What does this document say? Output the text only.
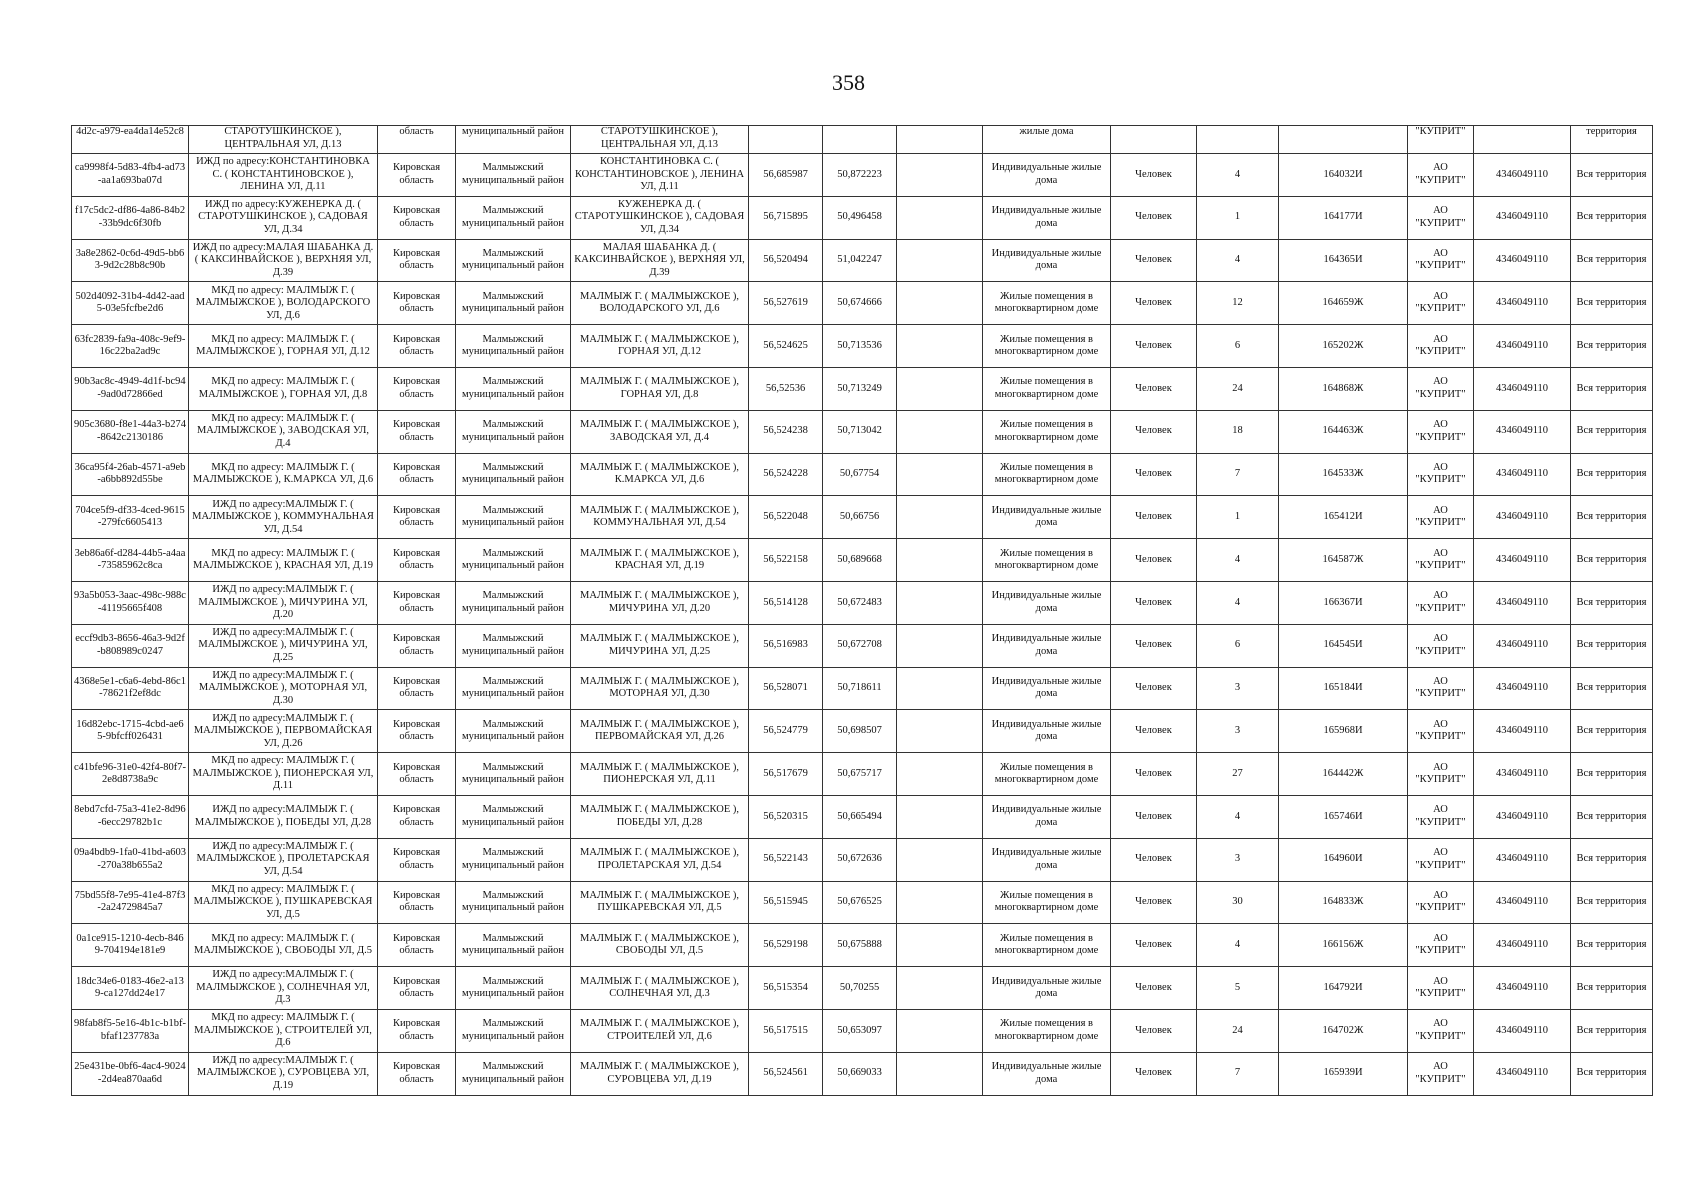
358
4d2c-a979-ea4da14e52c8	СТАРОТУШКИНСКОЕ ), ЦЕНТРАЛЬНАЯ УЛ, Д.13	область	муниципальный район	СТАРОТУШКИНСКОЕ ), ЦЕНТРАЛЬНАЯ УЛ, Д.13				жилые дома				"КУПРИТ"		территория
ca9998f4-5d83-4fb4-ad73-aa1a693ba07d	ИЖД по адресу:КОНСТАНТИНОВКА С. ( КОНСТАНТИНОВСКОЕ ), ЛЕНИНА УЛ, Д.11	Кировская область	Малмыжский муниципальный район	КОНСТАНТИНОВКА С. ( КОНСТАНТИНОВСКОЕ ), ЛЕНИНА УЛ, Д.11	56,685987	50,872223		Индивидуальные жилые дома	Человек	4	164032И	АО "КУПРИТ"	4346049110	Вся территория
f17c5dc2-df86-4a86-84b2-33b9dc6f30fb	ИЖД по адресу:КУЖЕНЕРКА Д. ( СТАРОТУШКИНСКОЕ ), САДОВАЯ УЛ, Д.34	Кировская область	Малмыжский муниципальный район	КУЖЕНЕРКА Д. ( СТАРОТУШКИНСКОЕ ), САДОВАЯ УЛ, Д.34	56,715895	50,496458		Индивидуальные жилые дома	Человек	1	164177И	АО "КУПРИТ"	4346049110	Вся территория
3a8e2862-0c6d-49d5-bb63-9d2c28b8c90b	ИЖД по адресу:МАЛАЯ ШАБАНКА Д. ( КАКСИНВАЙСКОЕ ), ВЕРХНЯЯ УЛ, Д.39	Кировская область	Малмыжский муниципальный район	МАЛАЯ ШАБАНКА Д. ( КАКСИНВАЙСКОЕ ), ВЕРХНЯЯ УЛ, Д.39	56,520494	51,042247		Индивидуальные жилые дома	Человек	4	164365И	АО "КУПРИТ"	4346049110	Вся территория
502d4092-31b4-4d42-aad5-03e5fcfbe2d6	МКД по адресу: МАЛМЫЖ Г. ( МАЛМЫЖСКОЕ ), ВОЛОДАРСКОГО УЛ, Д.6	Кировская область	Малмыжский муниципальный район	МАЛМЫЖ Г. ( МАЛМЫЖСКОЕ ), ВОЛОДАРСКОГО УЛ, Д.6	56,527619	50,674666		Жилые помещения в многоквартирном доме	Человек	12	164659Ж	АО "КУПРИТ"	4346049110	Вся территория
63fc2839-fa9a-408c-9ef9-16c22ba2ad9c	МКД по адресу: МАЛМЫЖ Г. ( МАЛМЫЖСКОЕ ), ГОРНАЯ УЛ, Д.12	Кировская область	Малмыжский муниципальный район	МАЛМЫЖ Г. ( МАЛМЫЖСКОЕ ), ГОРНАЯ УЛ, Д.12	56,524625	50,713536		Жилые помещения в многоквартирном доме	Человек	6	165202Ж	АО "КУПРИТ"	4346049110	Вся территория
90b3ac8c-4949-4d1f-bc94-9ad0d72866ed	МКД по адресу: МАЛМЫЖ Г. ( МАЛМЫЖСКОЕ ), ГОРНАЯ УЛ, Д.8	Кировская область	Малмыжский муниципальный район	МАЛМЫЖ Г. ( МАЛМЫЖСКОЕ ), ГОРНАЯ УЛ, Д.8	56,52536	50,713249		Жилые помещения в многоквартирном доме	Человек	24	164868Ж	АО "КУПРИТ"	4346049110	Вся территория
905c3680-f8e1-44a3-b274-8642c2130186	МКД по адресу: МАЛМЫЖ Г. ( МАЛМЫЖСКОЕ ), ЗАВОДСКАЯ УЛ, Д.4	Кировская область	Малмыжский муниципальный район	МАЛМЫЖ Г. ( МАЛМЫЖСКОЕ ), ЗАВОДСКАЯ УЛ, Д.4	56,524238	50,713042		Жилые помещения в многоквартирном доме	Человек	18	164463Ж	АО "КУПРИТ"	4346049110	Вся территория
36ca95f4-26ab-4571-a9eb-a6bb892d55be	МКД по адресу: МАЛМЫЖ Г. ( МАЛМЫЖСКОЕ ), К.МАРКСА УЛ, Д.6	Кировская область	Малмыжский муниципальный район	МАЛМЫЖ Г. ( МАЛМЫЖСКОЕ ), К.МАРКСА УЛ, Д.6	56,524228	50,67754		Жилые помещения в многоквартирном доме	Человек	7	164533Ж	АО "КУПРИТ"	4346049110	Вся территория
704ce5f9-df33-4ced-9615-279fc6605413	ИЖД по адресу:МАЛМЫЖ Г. ( МАЛМЫЖСКОЕ ), КОММУНАЛЬНАЯ УЛ, Д.54	Кировская область	Малмыжский муниципальный район	МАЛМЫЖ Г. ( МАЛМЫЖСКОЕ ), КОММУНАЛЬНАЯ УЛ, Д.54	56,522048	50,66756		Индивидуальные жилые дома	Человек	1	165412И	АО "КУПРИТ"	4346049110	Вся территория
3eb86a6f-d284-44b5-a4aa-73585962c8ca	МКД по адресу: МАЛМЫЖ Г. ( МАЛМЫЖСКОЕ ), КРАСНАЯ УЛ, Д.19	Кировская область	Малмыжский муниципальный район	МАЛМЫЖ Г. ( МАЛМЫЖСКОЕ ), КРАСНАЯ УЛ, Д.19	56,522158	50,689668		Жилые помещения в многоквартирном доме	Человек	4	164587Ж	АО "КУПРИТ"	4346049110	Вся территория
93a5b053-3aac-498c-988c-41195665f408	ИЖД по адресу:МАЛМЫЖ Г. ( МАЛМЫЖСКОЕ ), МИЧУРИНА УЛ, Д.20	Кировская область	Малмыжский муниципальный район	МАЛМЫЖ Г. ( МАЛМЫЖСКОЕ ), МИЧУРИНА УЛ, Д.20	56,514128	50,672483		Индивидуальные жилые дома	Человек	4	166367И	АО "КУПРИТ"	4346049110	Вся территория
eccf9db3-8656-46a3-9d2f-b808989c0247	ИЖД по адресу:МАЛМЫЖ Г. ( МАЛМЫЖСКОЕ ), МИЧУРИНА УЛ, Д.25	Кировская область	Малмыжский муниципальный район	МАЛМЫЖ Г. ( МАЛМЫЖСКОЕ ), МИЧУРИНА УЛ, Д.25	56,516983	50,672708		Индивидуальные жилые дома	Человек	6	164545И	АО "КУПРИТ"	4346049110	Вся территория
4368e5e1-c6a6-4ebd-86c1-78621f2ef8dc	ИЖД по адресу:МАЛМЫЖ Г. ( МАЛМЫЖСКОЕ ), МОТОРНАЯ УЛ, Д.30	Кировская область	Малмыжский муниципальный район	МАЛМЫЖ Г. ( МАЛМЫЖСКОЕ ), МОТОРНАЯ УЛ, Д.30	56,528071	50,718611		Индивидуальные жилые дома	Человек	3	165184И	АО "КУПРИТ"	4346049110	Вся территория
16d82ebc-1715-4cbd-ae65-9bfcff026431	ИЖД по адресу:МАЛМЫЖ Г. ( МАЛМЫЖСКОЕ ), ПЕРВОМАЙСКАЯ УЛ, Д.26	Кировская область	Малмыжский муниципальный район	МАЛМЫЖ Г. ( МАЛМЫЖСКОЕ ), ПЕРВОМАЙСКАЯ УЛ, Д.26	56,524779	50,698507		Индивидуальные жилые дома	Человек	3	165968И	АО "КУПРИТ"	4346049110	Вся территория
c41bfe96-31e0-42f4-80f7-2e8d8738a9c	МКД по адресу: МАЛМЫЖ Г. ( МАЛМЫЖСКОЕ ), ПИОНЕРСКАЯ УЛ, Д.11	Кировская область	Малмыжский муниципальный район	МАЛМЫЖ Г. ( МАЛМЫЖСКОЕ ), ПИОНЕРСКАЯ УЛ, Д.11	56,517679	50,675717		Жилые помещения в многоквартирном доме	Человек	27	164442Ж	АО "КУПРИТ"	4346049110	Вся территория
8ebd7cfd-75a3-41e2-8d96-6ecc29782b1c	ИЖД по адресу:МАЛМЫЖ Г. ( МАЛМЫЖСКОЕ ), ПОБЕДЫ УЛ, Д.28	Кировская область	Малмыжский муниципальный район	МАЛМЫЖ Г. ( МАЛМЫЖСКОЕ ), ПОБЕДЫ УЛ, Д.28	56,520315	50,665494		Индивидуальные жилые дома	Человек	4	165746И	АО "КУПРИТ"	4346049110	Вся территория
09a4bdb9-1fa0-41bd-a603-270a38b655a2	ИЖД по адресу:МАЛМЫЖ Г. ( МАЛМЫЖСКОЕ ), ПРОЛЕТАРСКАЯ УЛ, Д.54	Кировская область	Малмыжский муниципальный район	МАЛМЫЖ Г. ( МАЛМЫЖСКОЕ ), ПРОЛЕТАРСКАЯ УЛ, Д.54	56,522143	50,672636		Индивидуальные жилые дома	Человек	3	164960И	АО "КУПРИТ"	4346049110	Вся территория
75bd55f8-7e95-41e4-87f3-2a24729845a7	МКД по адресу: МАЛМЫЖ Г. ( МАЛМЫЖСКОЕ ), ПУШКАРЕВСКАЯ УЛ, Д.5	Кировская область	Малмыжский муниципальный район	МАЛМЫЖ Г. ( МАЛМЫЖСКОЕ ), ПУШКАРЕВСКАЯ УЛ, Д.5	56,515945	50,676525		Жилые помещения в многоквартирном доме	Человек	30	164833Ж	АО "КУПРИТ"	4346049110	Вся территория
0a1ce915-1210-4ecb-8469-704194e181e9	МКД по адресу: МАЛМЫЖ Г. ( МАЛМЫЖСКОЕ ), СВОБОДЫ УЛ, Д.5	Кировская область	Малмыжский муниципальный район	МАЛМЫЖ Г. ( МАЛМЫЖСКОЕ ), СВОБОДЫ УЛ, Д.5	56,529198	50,675888		Жилые помещения в многоквартирном доме	Человек	4	166156Ж	АО "КУПРИТ"	4346049110	Вся территория
18dc34e6-0183-46e2-a139-ca127dd24e17	ИЖД по адресу:МАЛМЫЖ Г. ( МАЛМЫЖСКОЕ ), СОЛНЕЧНАЯ УЛ, Д.3	Кировская область	Малмыжский муниципальный район	МАЛМЫЖ Г. ( МАЛМЫЖСКОЕ ), СОЛНЕЧНАЯ УЛ, Д.3	56,515354	50,70255		Индивидуальные жилые дома	Человек	5	164792И	АО "КУПРИТ"	4346049110	Вся территория
98fab8f5-5e16-4b1c-b1bf-bfaf1237783a	МКД по адресу: МАЛМЫЖ Г. ( МАЛМЫЖСКОЕ ), СТРОИТЕЛЕЙ УЛ, Д.6	Кировская область	Малмыжский муниципальный район	МАЛМЫЖ Г. ( МАЛМЫЖСКОЕ ), СТРОИТЕЛЕЙ УЛ, Д.6	56,517515	50,653097		Жилые помещения в многоквартирном доме	Человек	24	164702Ж	АО "КУПРИТ"	4346049110	Вся территория
25e431be-0bf6-4ac4-9024-2d4ea870aa6d	ИЖД по адресу:МАЛМЫЖ Г. ( МАЛМЫЖСКОЕ ), СУРОВЦЕВА УЛ, Д.19	Кировская область	Малмыжский муниципальный район	МАЛМЫЖ Г. ( МАЛМЫЖСКОЕ ), СУРОВЦЕВА УЛ, Д.19	56,524561	50,669033		Индивидуальные жилые дома	Человек	7	165939И	АО "КУПРИТ"	4346049110	Вся территория
